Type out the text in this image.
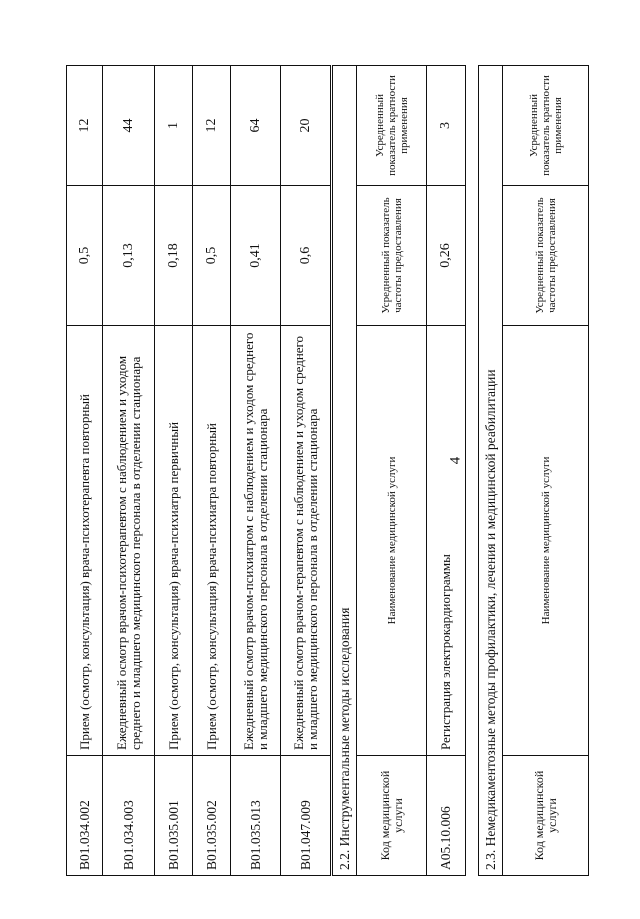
4
B01.034.002	Прием (осмотр, консультация) врача-психотерапевта повторный	0,5	12
B01.034.003	Ежедневный осмотр врачом-психотерапевтом с наблюдением и уходом среднего и младшего медицинского персонала в отделении стационара	0,13	44
B01.035.001	Прием (осмотр, консультация) врача-психиатра первичный	0,18	1
B01.035.002	Прием (осмотр, консультация) врача-психиатра повторный	0,5	12
B01.035.013	Ежедневный осмотр врачом-психиатром с наблюдением и уходом среднего и младшего медицинского персонала в отделении стационара	0,41	64
B01.047.009	Ежедневный осмотр врачом-терапевтом с наблюдением и уходом среднего и младшего медицинского персонала в отделении стационара	0,6	20
2.2. Инструментальные методы исследования			
Код медицинской услуги	Наименование медицинской услуги	Усредненный показатель частоты предоставления	Усредненный показатель кратности применения
A05.10.006	Регистрация электрокардиограммы	0,26	3
2.3. Немедикаментозные методы профилактики, лечения и медицинской реабилитации
Код медицинской услуги	Наименование медицинской услуги	Усредненный показатель частоты предоставления	Усредненный показатель кратности применения
